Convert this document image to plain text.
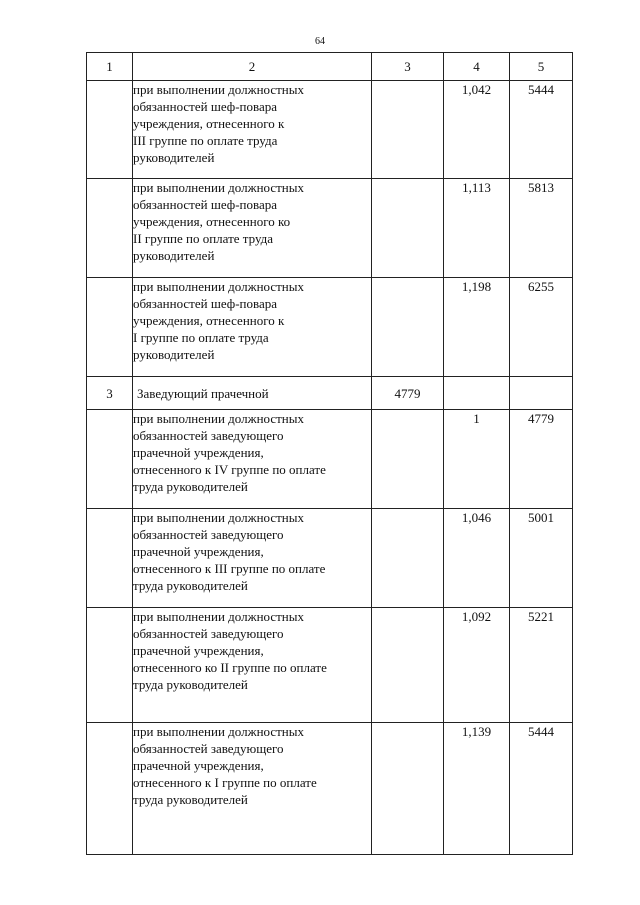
64
1	2	3	4	5
	при выполнении должностных
обязанностей шеф-повара
учреждения, отнесенного к
III группе по оплате труда
руководителей		1,042	5444
	при выполнении должностных
обязанностей шеф-повара
учреждения, отнесенного ко
II группе по оплате труда
руководителей		1,113	5813
	при выполнении должностных
обязанностей шеф-повара
учреждения, отнесенного к
I группе по оплате труда
руководителей		1,198	6255
3	Заведующий прачечной	4779		
	при выполнении должностных
обязанностей заведующего
прачечной учреждения,
отнесенного к IV группе по оплате
труда руководителей		1	4779
	при выполнении должностных
обязанностей заведующего
прачечной учреждения,
отнесенного к III группе по оплате
труда руководителей		1,046	5001
	при выполнении должностных
обязанностей заведующего
прачечной учреждения,
отнесенного ко II группе по оплате
труда руководителей		1,092	5221
	при выполнении должностных
обязанностей заведующего
прачечной учреждения,
отнесенного к I группе по оплате
труда руководителей		1,139	5444
